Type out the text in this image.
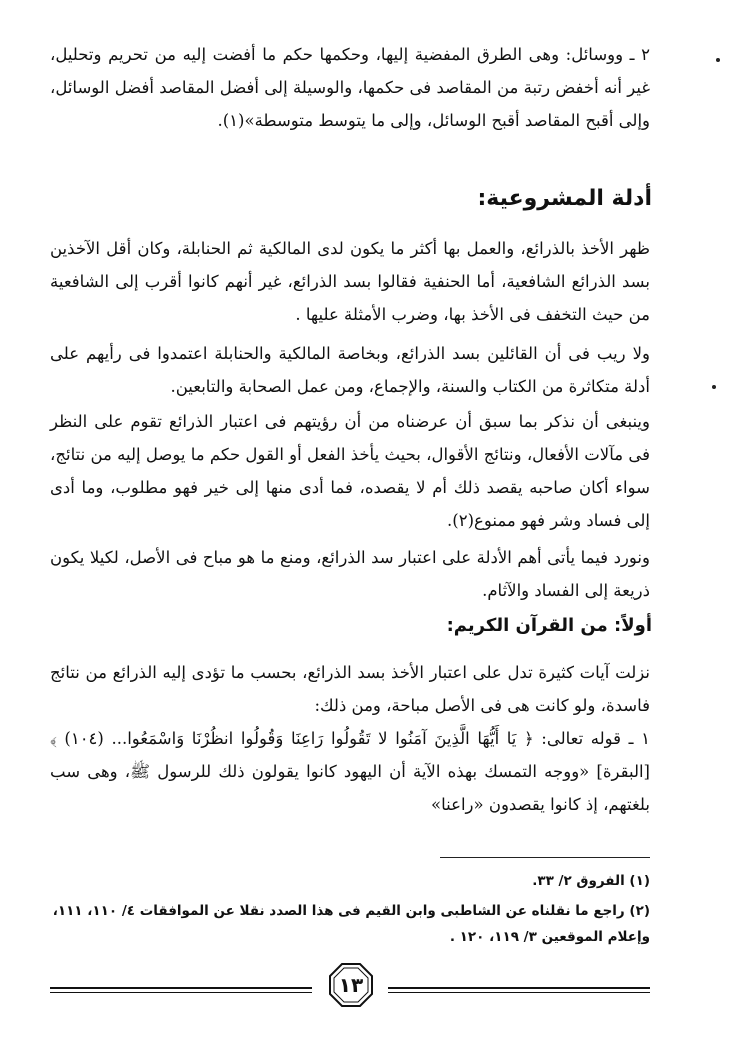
٢ ـ ووسائل: وهى الطرق المفضية إليها، وحكمها حكم ما أفضت إليه من تحريم وتحليل، غير أنه أخفض رتبة من المقاصد فى حكمها، والوسيلة إلى أفضل المقاصد أفضل الوسائل، وإلى أقبح المقاصد أقبح الوسائل، وإلى ما يتوسط متوسطة»(١).

أدلة المشروعية:

ظهر الأخذ بالذرائع، والعمل بها أكثر ما يكون لدى المالكية ثم الحنابلة، وكان أقل الآخذين بسد الذرائع الشافعية، أما الحنفية فقالوا بسد الذرائع، غير أنهم كانوا أقرب إلى الشافعية من حيث التخفف فى الأخذ بها، وضرب الأمثلة عليها .

ولا ريب فى أن القائلين بسد الذرائع، وبخاصة المالكية والحنابلة اعتمدوا فى رأيهم على أدلة متكاثرة من الكتاب والسنة، والإجماع، ومن عمل الصحابة والتابعين.

وينبغى أن نذكر بما سبق أن عرضناه من أن رؤيتهم فى اعتبار الذرائع تقوم على النظر فى مآلات الأفعال، ونتائج الأقوال، بحيث يأخذ الفعل أو القول حكم ما يوصل إليه من نتائج، سواء أكان صاحبه يقصد ذلك أم لا يقصده، فما أدى منها إلى خير فهو مطلوب، وما أدى إلى فساد وشر فهو ممنوع(٢).

ونورد فيما يأتى أهم الأدلة على اعتبار سد الذرائع، ومنع ما هو مباح فى الأصل، لكيلا يكون ذريعة إلى الفساد والآثام.

أولاً: من القرآن الكريم:

نزلت آيات كثيرة تدل على اعتبار الأخذ بسد الذرائع، بحسب ما تؤدى إليه الذرائع من نتائج فاسدة، ولو كانت هى فى الأصل مباحة، ومن ذلك:

١ ـ قوله تعالى: ﴿ يَا أَيُّهَا الَّذِينَ آمَنُوا لا تَقُولُوا رَاعِنَا وَقُولُوا انظُرْنَا وَاسْمَعُوا... (١٠٤) ﴾ [البقرة] «ووجه التمسك بهذه الآية أن اليهود كانوا يقولون ذلك للرسول ﷺ، وهى سب بلغتهم، إذ كانوا يقصدون «راعنا»

(١) الفروق ٢/ ٣٣.

(٢) راجع ما نقلناه عن الشاطبى وابن القيم فى هذا الصدد نقلا عن الموافقات ٤/ ١١٠، ١١١، وإعلام الموقعين ٣/ ١١٩، ١٢٠ .

١٣
